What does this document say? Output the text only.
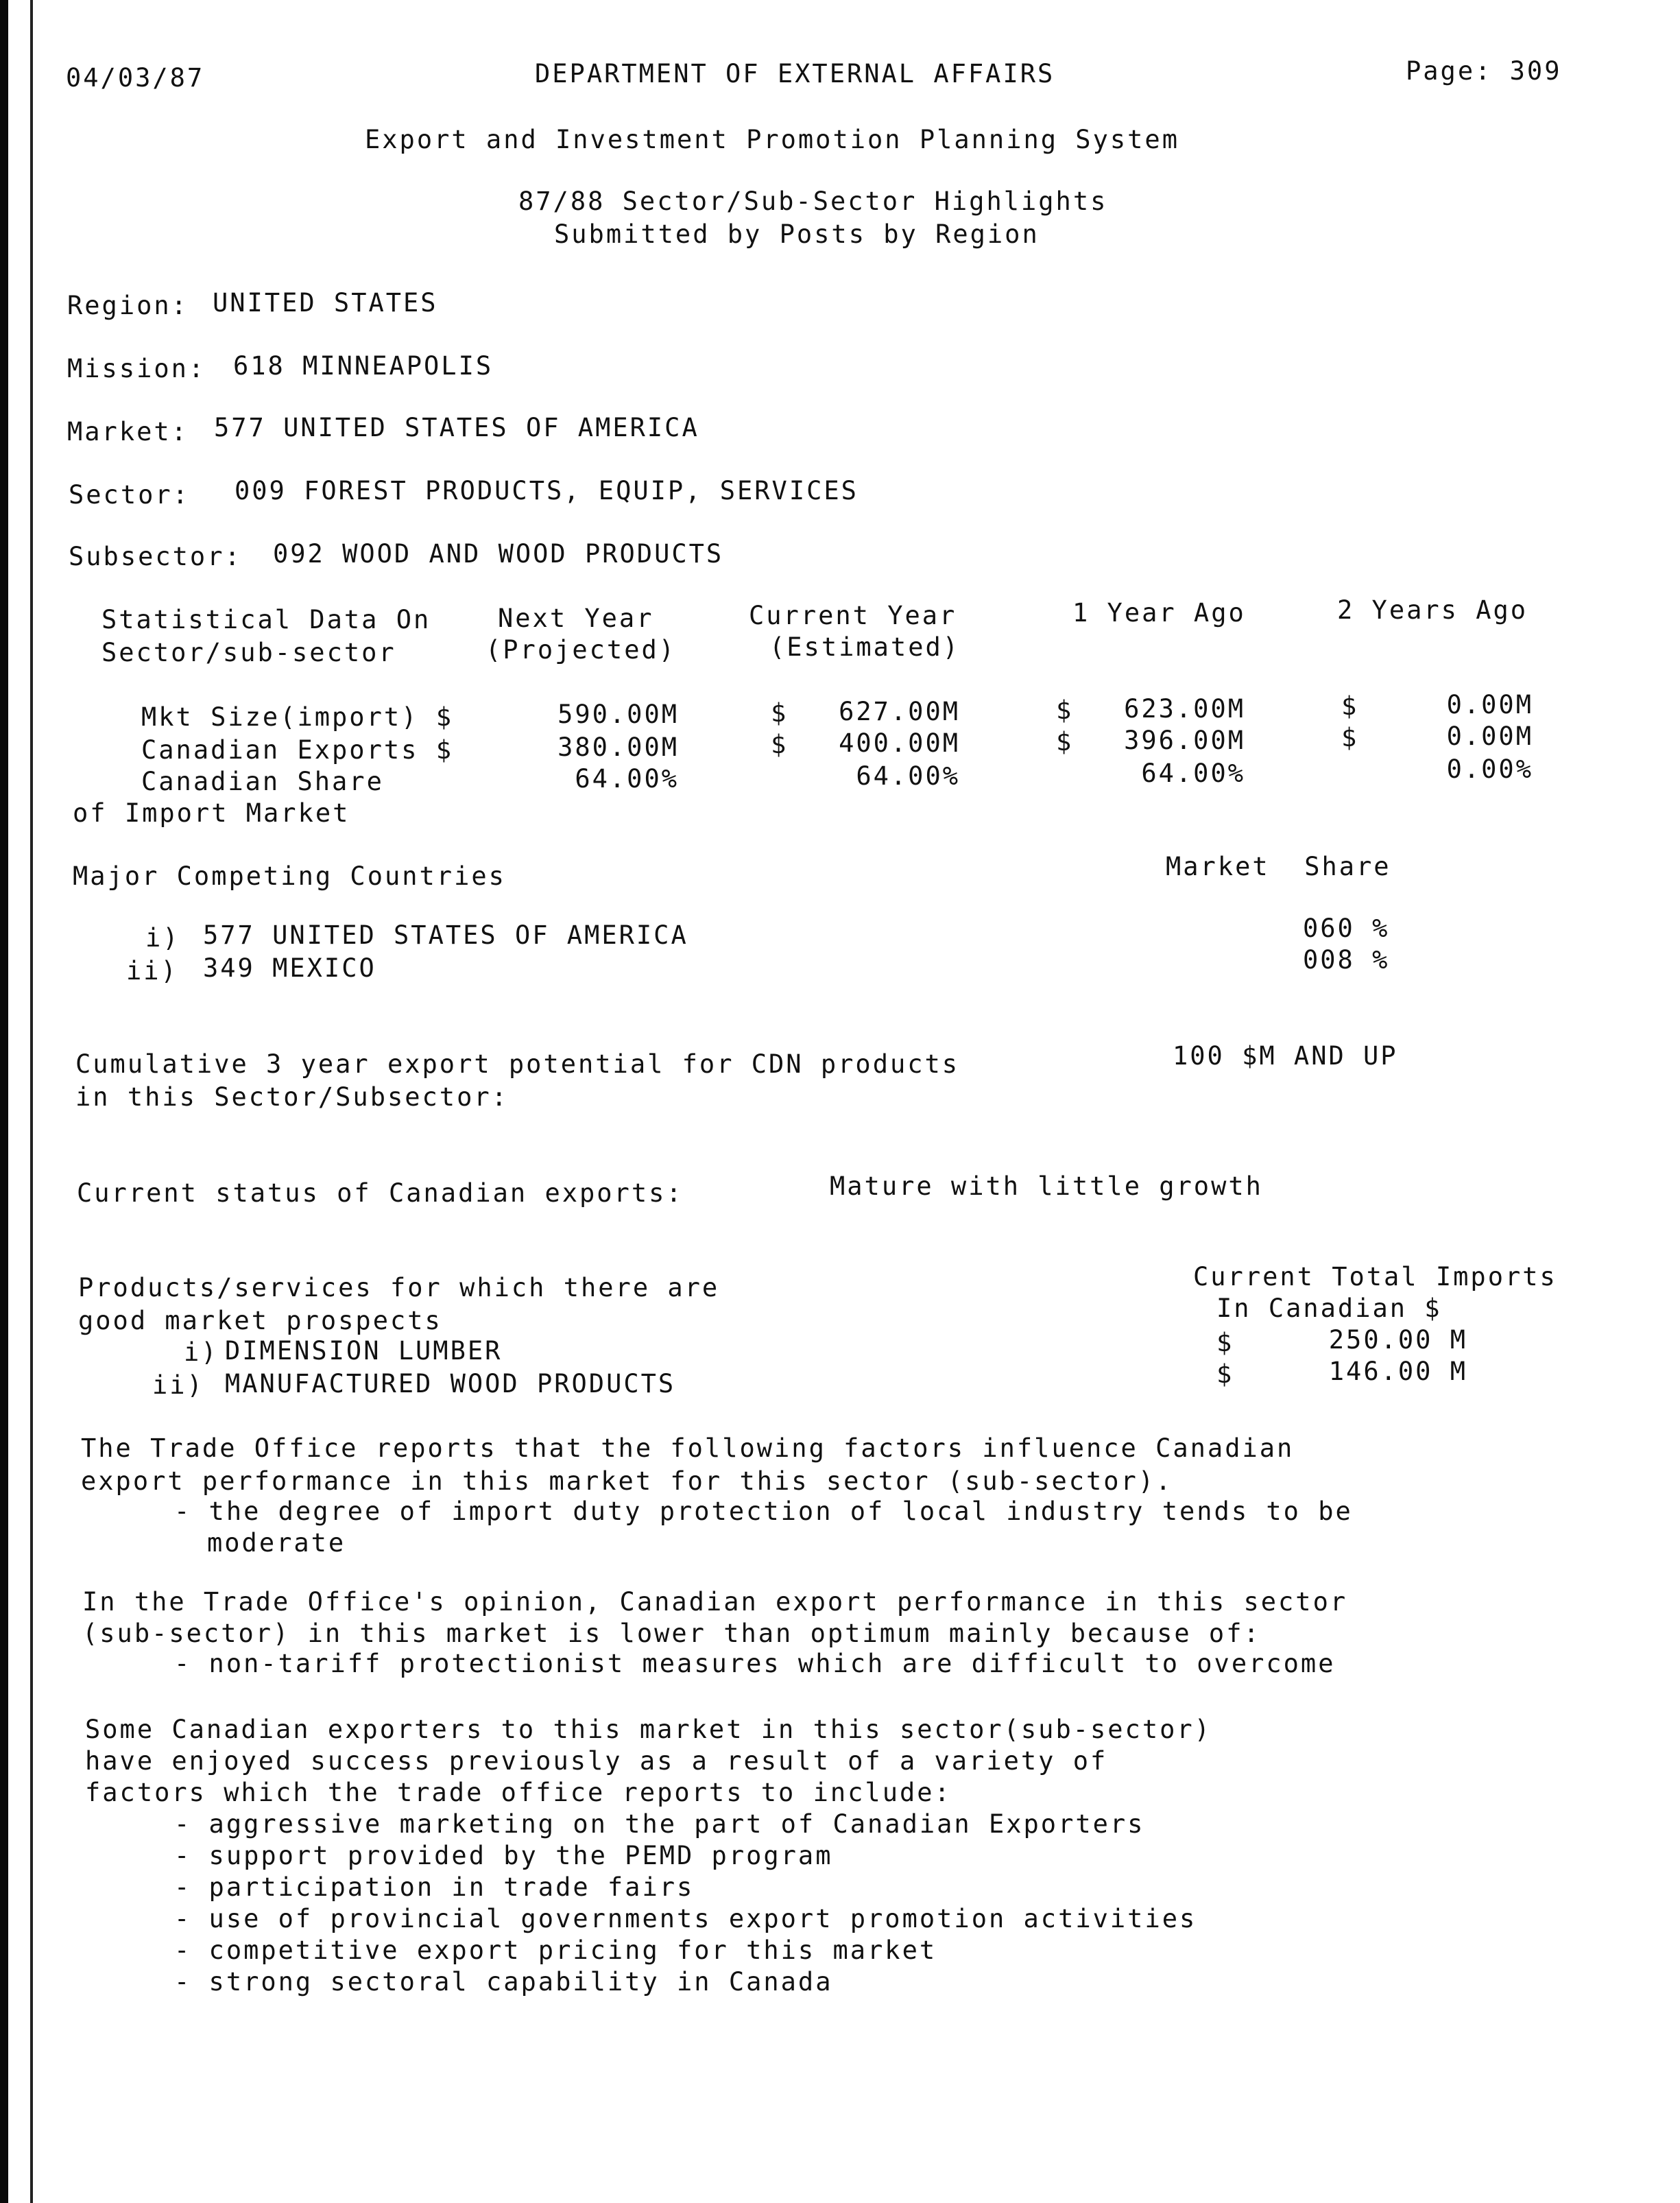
04/03/87	DEPARTMENT OF EXTERNAL AFFAIRS	Page: 309
Export and Investment Promotion Planning System
87/88 Sector/Sub-Sector Highlights
Submitted by Posts by Region
Region: UNITED STATES
Mission: 618 MINNEAPOLIS
Market: 577 UNITED STATES OF AMERICA
Sector: 009 FOREST PRODUCTS, EQUIP, SERVICES
Subsector: 092 WOOD AND WOOD PRODUCTS
Statistical Data On
Sector/sub-sector
Next Year
(Projected)
Current Year
(Estimated)
1 Year Ago	2 Years Ago
Mkt Size(import) $	590.00M	$	627.00M	$	623.00M	$	0.00M
Canadian Exports $	380.00M	$	400.00M	$	396.00M	$	0.00M
Canadian Share	64.00%	64.00%	64.00%	0.00%
of Import Market
Major Competing Countries	Market  Share
i) 577 UNITED STATES OF AMERICA	060 %
ii) 349 MEXICO	008 %
Cumulative 3 year export potential for CDN products
in this Sector/Subsector:
100 $M AND UP
Current status of Canadian exports:	Mature with little growth
Products/services for which there are
good market prospects
Current Total Imports
In Canadian $
i) DIMENSION LUMBER	$	250.00 M
ii) MANUFACTURED WOOD PRODUCTS	$	146.00 M
The Trade Office reports that the following factors influence Canadian
export performance in this market for this sector (sub-sector).
- the degree of import duty protection of local industry tends to be
moderate
In the Trade Office's opinion, Canadian export performance in this sector
(sub-sector) in this market is lower than optimum mainly because of:
- non-tariff protectionist measures which are difficult to overcome
Some Canadian exporters to this market in this sector(sub-sector)
have enjoyed success previously as a result of a variety of
factors which the trade office reports to include:
- aggressive marketing on the part of Canadian Exporters
- support provided by the PEMD program
- participation in trade fairs
- use of provincial governments export promotion activities
- competitive export pricing for this market
- strong sectoral capability in Canada
